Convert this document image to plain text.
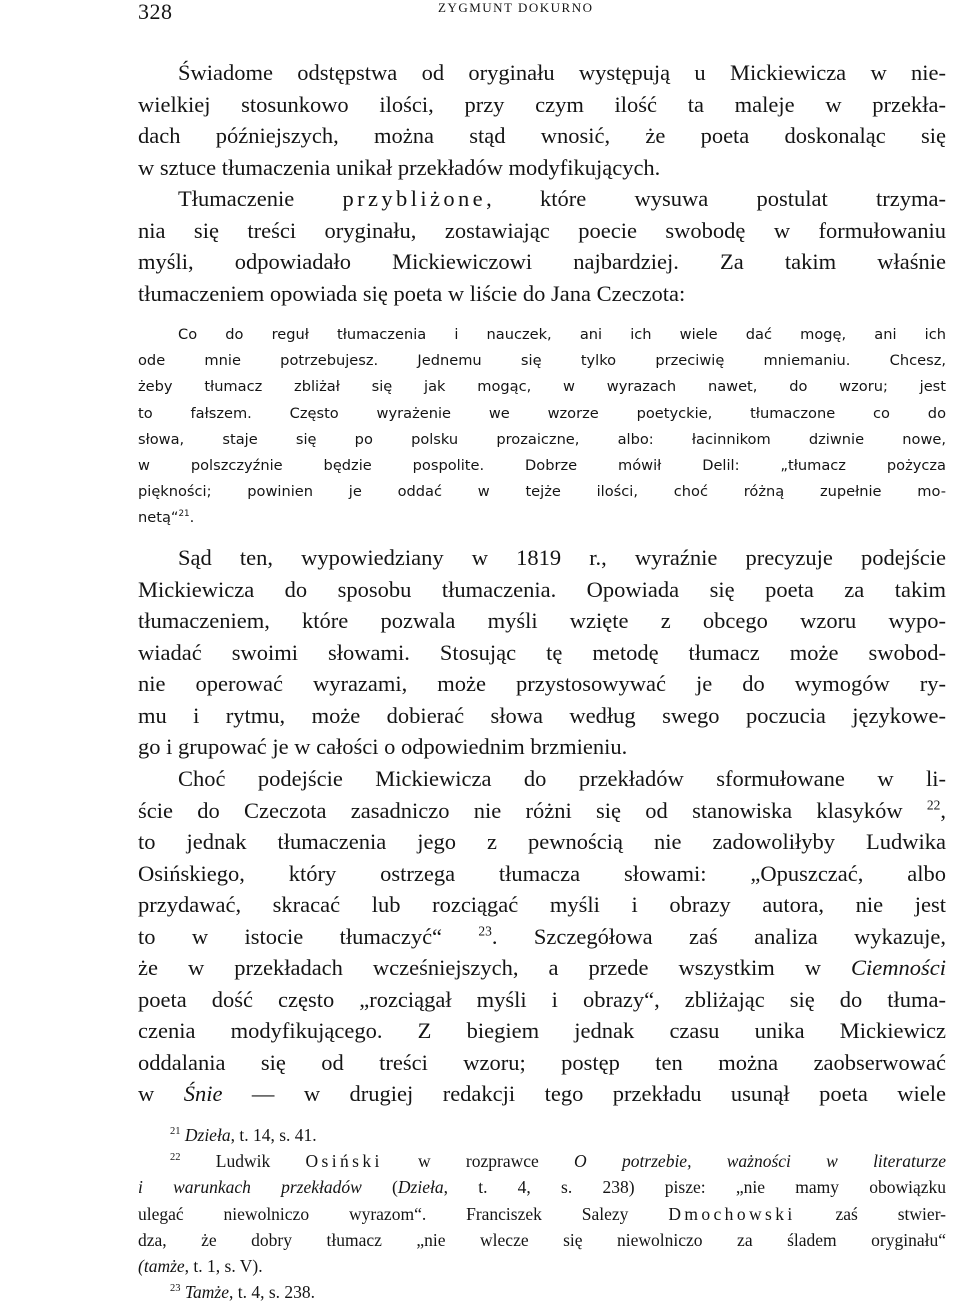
328	ZYGMUNT DOKURNO
Świadome odstępstwa od oryginału występują u Mickiewicza w nie-
wielkiej stosunkowo ilości, przy czym ilość ta maleje w przekła-
dach późniejszych, można stąd wnosić, że poeta doskonaląc się
w sztuce tłumaczenia unikał przekładów modyfikujących.
Tłumaczenie przybliżone, które wysuwa postulat trzyma-
nia się treści oryginału, zostawiając poecie swobodę w formułowaniu
myśli, odpowiadało Mickiewiczowi najbardziej. Za takim właśnie
tłumaczeniem opowiada się poeta w liście do Jana Czeczota:
Co do reguł tłumaczenia i nauczek, ani ich wiele dać mogę, ani ich
ode mnie potrzebujesz. Jednemu się tylko przeciwię mniemaniu. Chcesz,
żeby tłumacz zbliżał się jak mogąc, w wyrazach nawet, do wzoru; jest
to fałszem. Często wyrażenie we wzorze poetyckie, tłumaczone co do
słowa, staje się po polsku prozaiczne, albo: łacinnikom dziwnie nowe,
w polszczyźnie będzie pospolite. Dobrze mówił Delil: „tłumacz pożycza
piękności; powinien je oddać w tejże ilości, choć różną zupełnie mo-
netą“$^{21}$.
Sąd ten, wypowiedziany w 1819 r., wyraźnie precyzuje podejście
Mickiewicza do sposobu tłumaczenia. Opowiada się poeta za takim
tłumaczeniem, które pozwala myśli wzięte z obcego wzoru wypo-
wiadać swoimi słowami. Stosując tę metodę tłumacz może swobod-
nie operować wyrazami, może przystosowywać je do wymogów ry-
mu i rytmu, może dobierać słowa według swego poczucia językowe-
go i grupować je w całości o odpowiednim brzmieniu.
Choć podejście Mickiewicza do przekładów sformułowane w li-
ście do Czeczota zasadniczo nie różni się od stanowiska klasyków $^{22}$,
to jednak tłumaczenia jego z pewnością nie zadowoliłyby Ludwika
Osińskiego, który ostrzega tłumacza słowami: „Opuszczać, albo
przydawać, skracać lub rozciągać myśli i obrazy autora, nie jest
to w istocie tłumaczyć“ $^{23}$. Szczegółowa zaś analiza wykazuje,
że w przekładach wcześniejszych, a przede wszystkim w Ciemności
poeta dość często „rozciągał myśli i obrazy“, zbliżając się do tłuma-
czenia modyfikującego. Z biegiem jednak czasu unika Mickiewicz
oddalania się od treści wzoru; postęp ten można zaobserwować
w Śnie — w drugiej redakcji tego przekładu usunął poeta wiele
$^{21}$ Dzieła, t. 14, s. 41.
$^{22}$ Ludwik Osiński w rozprawce O potrzebie, ważności w literaturze
i warunkach przekładów (Dzieła, t. 4, s. 238) pisze: „nie mamy obowiązku
ulegać niewolniczo wyrazom“. Franciszek Salezy Dmochowski zaś stwier-
dza, że dobry tłumacz „nie wlecze się niewolniczo za śladem oryginału“
(tamże, t. 1, s. V).
$^{23}$ Tamże, t. 4, s. 238.
